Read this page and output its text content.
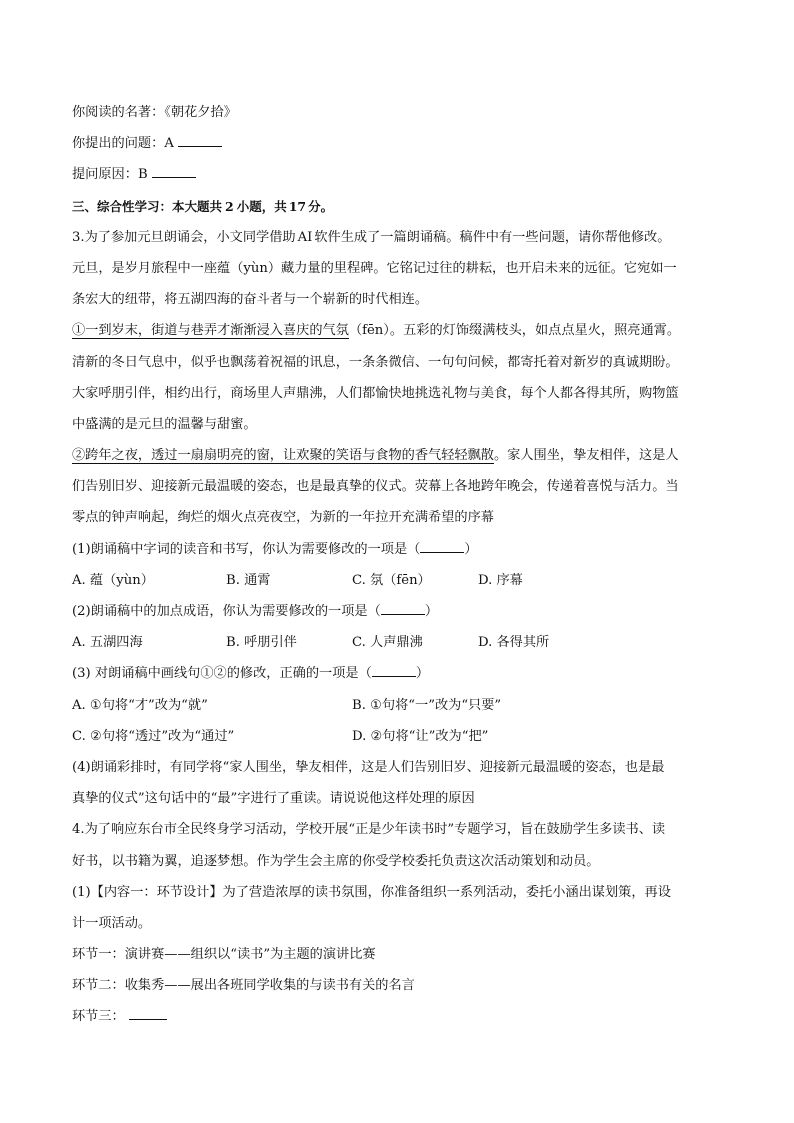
你阅读的名著：《朝花夕拾》
你提出的问题：A
提问原因：B
三、综合性学习：本大题共 2 小题，共 17 分。
3.为了参加元旦朗诵会，小文同学借助 AI 软件生成了一篇朗诵稿。稿件中有一些问题，请你帮他修改。
元旦，是岁月旅程中一座蕴（yùn）藏力量的里程碑。它铭记过往的耕耘，也开启未来的远征。它宛如一
条宏大的纽带，将五湖四海的奋斗者与一个崭新的时代相连。
①一到岁末，街道与巷弄才渐渐浸入喜庆的气氛（fēn）。五彩的灯饰缀满枝头，如点点星火，照亮通霄。
清新的冬日气息中，似乎也飘荡着祝福的讯息，一条条微信、一句句问候，都寄托着对新岁的真诚期盼。
大家呼朋引伴，相约出行，商场里人声鼎沸，人们都愉快地挑选礼物与美食，每个人都各得其所，购物篮
中盛满的是元旦的温馨与甜蜜。
②跨年之夜，透过一扇扇明亮的窗，让欢聚的笑语与食物的香气轻轻飘散。家人围坐，挚友相伴，这是人
们告别旧岁、迎接新元最温暖的姿态，也是最真挚的仪式。荧幕上各地跨年晚会，传递着喜悦与活力。当
零点的钟声响起，绚烂的烟火点亮夜空，为新的一年拉开充满希望的序幕
(1)朗诵稿中字词的读音和书写，你认为需要修改的一项是（	）
A. 蕴（yùn）	B. 通霄	C. 氛（fēn）	D. 序幕
(2)朗诵稿中的加点成语，你认为需要修改的一项是（	）
A. 五湖四海	B. 呼朋引伴	C. 人声鼎沸	D. 各得其所
(3) 对朗诵稿中画线句①②的修改，正确的一项是（	）
A. ①句将“才”改为“就”	B. ①句将“一”改为“只要”
C. ②句将“透过”改为“通过”	D. ②句将“让”改为“把”
(4)朗诵彩排时，有同学将“家人围坐，挚友相伴，这是人们告别旧岁、迎接新元最温暖的姿态，也是最
真挚的仪式”这句话中的“最”字进行了重读。请说说他这样处理的原因
4.为了响应东台市全民终身学习活动，学校开展“正是少年读书时”专题学习，旨在鼓励学生多读书、读
好书，以书籍为翼，追逐梦想。作为学生会主席的你受学校委托负责这次活动策划和动员。
(1)【内容一：环节设计】为了营造浓厚的读书氛围，你准备组织一系列活动，委托小涵出谋划策，再设
计一项活动。
环节一：演讲赛——组织以“读书”为主题的演讲比赛
环节二：收集秀——展出各班同学收集的与读书有关的名言
环节三：
